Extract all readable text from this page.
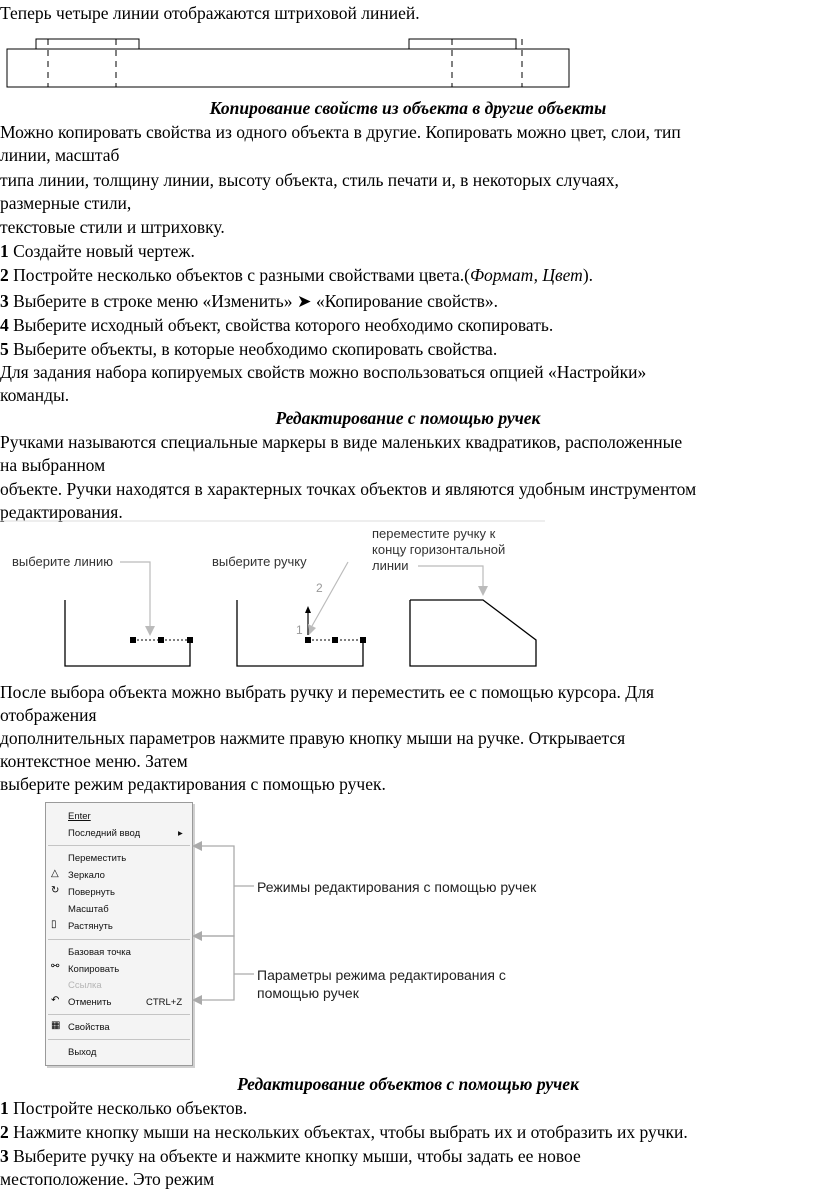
Теперь четыре линии отображаются штриховой линией.
Копирование свойств из объекта в другие объекты
Можно копировать свойства из одного объекта в другие. Копировать можно цвет, слои, тип
линии, масштаб
типа линии, толщину линии, высоту объекта, стиль печати и, в некоторых случаях,
размерные стили,
текстовые стили и штриховку.
1 Создайте новый чертеж.
2 Постройте несколько объектов с разными свойствами цвета.(Формат, Цвет).
3 Выберите в строке меню «Изменить» ➤ «Копирование свойств».
4 Выберите исходный объект, свойства которого необходимо скопировать.
5 Выберите объекты, в которые необходимо скопировать свойства.
Для задания набора копируемых свойств можно воспользоваться опцией «Настройки»
команды.
Редактирование с помощью ручек
Ручками называются специальные маркеры в виде маленьких квадратиков, расположенные
на выбранном
объекте. Ручки находятся в характерных точках объектов и являются удобным инструментом
редактирования.
выберите линию	выберите ручку
переместите ручку к
концу горизонтальной
линии
2
1
После выбора объекта можно выбрать ручку и переместить ее с помощью курсора. Для
отображения
дополнительных параметров нажмите правую кнопку мыши на ручке. Открывается
контекстное меню. Затем
выберите режим редактирования с помощью ручек.
Enter
Последний ввод	▸
Переместить
△ Зеркало
↻ Повернуть
Масштаб
▯ Растянуть
Базовая точка
⚯ Копировать
Ссылка
↶ Отменить	CTRL+Z
▦ Свойства
Выход
Режимы редактирования с помощью ручек
Параметры режима редактирования с
помощью ручек
Редактирование объектов с помощью ручек
1 Постройте несколько объектов.
2 Нажмите кнопку мыши на нескольких объектах, чтобы выбрать их и отобразить их ручки.
3 Выберите ручку на объекте и нажмите кнопку мыши, чтобы задать ее новое
местоположение. Это режим
